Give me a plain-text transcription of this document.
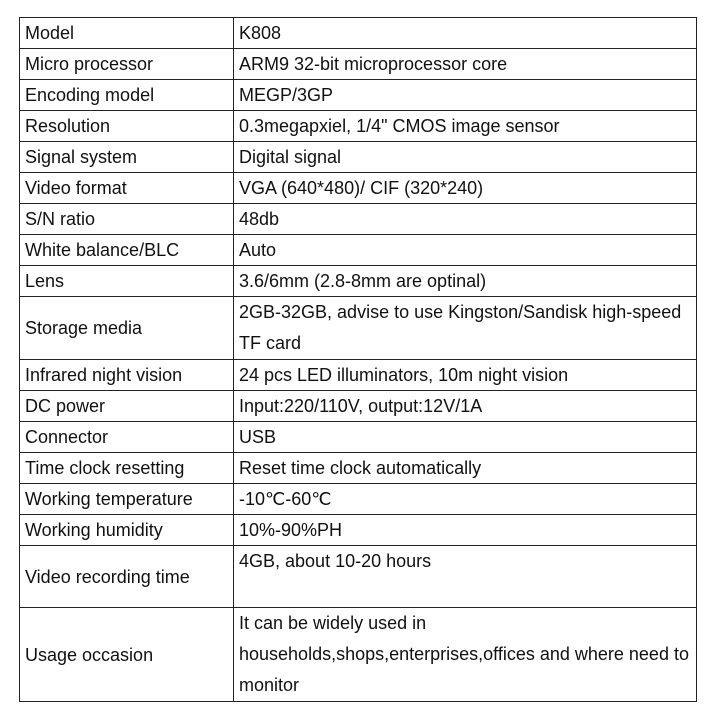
Model	K808
Micro processor	ARM9 32-bit microprocessor core
Encoding model	MEGP/3GP
Resolution	0.3megapxiel, 1/4" CMOS image sensor
Signal system	Digital signal
Video format	VGA (640*480)/ CIF (320*240)
S/N ratio	48db
White balance/BLC	Auto
Lens	3.6/6mm (2.8-8mm are optinal)
Storage media	2GB-32GB, advise to use Kingston/Sandisk high-speed TF card
Infrared night vision	24 pcs LED illuminators, 10m night vision
DC power	Input:220/110V, output:12V/1A
Connector	USB
Time clock resetting	Reset time clock automatically
Working temperature	-10℃-60℃
Working humidity	10%-90%PH
Video recording time	4GB, about 10-20 hours
Usage occasion	It can be widely used in households,shops,enterprises,offices and where need to monitor
